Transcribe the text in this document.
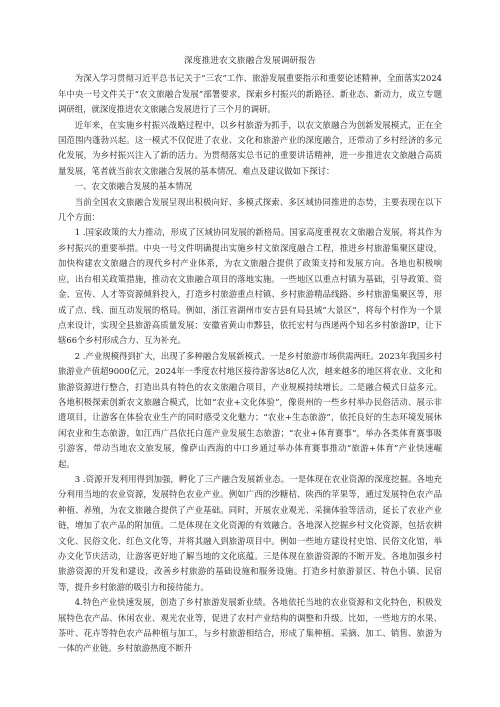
深度推进农文旅融合发展调研报告

为深入学习贯彻习近平总书记关于“三农”工作、旅游发展重要指示和重要论述精神，全面落实2024年中央一号文件关于“农文旅融合发展”部署要求，探索乡村振兴的新路径、新业态、新动力，成立专题调研组，就深度推进农文旅融合发展进行了三个月的调研。

近年来，在实施乡村振兴战略过程中，以乡村旅游为抓手，以农文旅融合为创新发展模式，正在全国范围内蓬勃兴起。这一模式不仅促进了农业、文化和旅游产业的深度融合，还带动了乡村经济的多元化发展，为乡村振兴注入了新的活力。为贯彻落实总书记的重要讲话精神，进一步推进农文旅融合高质量发展，笔者就当前农文旅融合发展的基本情况、难点及建议做如下探讨：

一、农文旅融合发展的基本情况

当前全国农文旅融合发展呈现出积极向好、多模式探索、多区域协同推进的态势，主要表现在以下几个方面：

1 .国家政策的大力推动，形成了区域协同发展的新格局。国家高度重视农文旅融合发展，将其作为乡村振兴的重要举措。中央一号文件明确提出实施乡村文旅深度融合工程，推进乡村旅游集聚区建设，加快构建农文旅融合的现代乡村产业体系，为农文旅融合提供了政策支持和发展方向。各地也积极响应，出台相关政策措施，推动农文旅融合项目的落地实施。一些地区以重点村镇为基础，引导政策、资金、宣传、人才等资源倾斜投入，打造乡村旅游重点村镇、乡村旅游精品线路、乡村旅游集聚区等，形成了点、线、面互动发展的格局。例如，浙江省湖州市安吉县有局县域“大景区”，将每个村作为一个景点来设计，实现全县旅游高质量发展；安徽省黄山市黟县，依托宏村与西递两个知名乡村旅游IP，让下辖66个乡村形成合力、互为补充。

2 .产业规模得到扩大，出现了多种融合发展新模式。一是乡村旅游市场供需两旺。2023年我国乡村旅游业产值超9000亿元，2024年一季度农村地区接待游客达8亿人次，越来越多的地区将农业、文化和旅游资源进行整合，打造出具有特色的农文旅融合项目，产业规模持续增长。二是融合模式日益多元。各地积极探索创新农文旅融合模式，比如“农业+文化体验”，像贵州的一些乡村举办民俗活动、展示非遗项目，让游客在体验农业生产的同时感受文化魅力；“农业+生态旅游”，依托良好的生态环境发展休闲农业和生态旅游，如江西广昌依托白莲产业发展生态旅游；“农业+体育赛事”，举办各类体育赛事吸引游客，带动当地农文旅发展，像萨山西海的中口乡通过举办体育赛事推动“旅游+体育”产业快速崛起。

3 .资源开发利用得到加强，孵化了三产融合发展新业态。一是体现在农业资源的深度挖掘。各地充分利用当地的农业资源，发展特色农业产业。例如广西的沙糖桔、陕西的苹果等，通过发展特色农产品种植、养殖，为农文旅融合提供了产业基础。同时，开展农业观光、采摘体验等活动，延长了农业产业链，增加了农产品的附加值。二是体现在文化资源的有效融合。各地深入挖掘乡村文化资源，包括农耕文化、民俗文化、红色文化等，并将其融入到旅游项目中。例如一些地方建设村史馆、民俗文化馆，举办文化节庆活动，让游客更好地了解当地的文化底蕴。三是体现在旅游资源的不断开发。各地加强乡村旅游资源的开发和建设，改善乡村旅游的基础设施和服务设施。打造乡村旅游景区、特色小镇、民宿等，提升乡村旅游的吸引力和接待能力。

4.特色产业快速发展，创造了乡村旅游发展新业绩。各地依托当地的农业资源和文化特色，积极发展特色农产品、休闲农业、观光农业等，促进了农村产业结构的调整和升级。比如，一些地方的水果、茶叶、花卉等特色农产品种植与加工，与乡村旅游相结合，形成了集种植、采摘、加工、销售、旅游为一体的产业链。乡村旅游热度不断升
